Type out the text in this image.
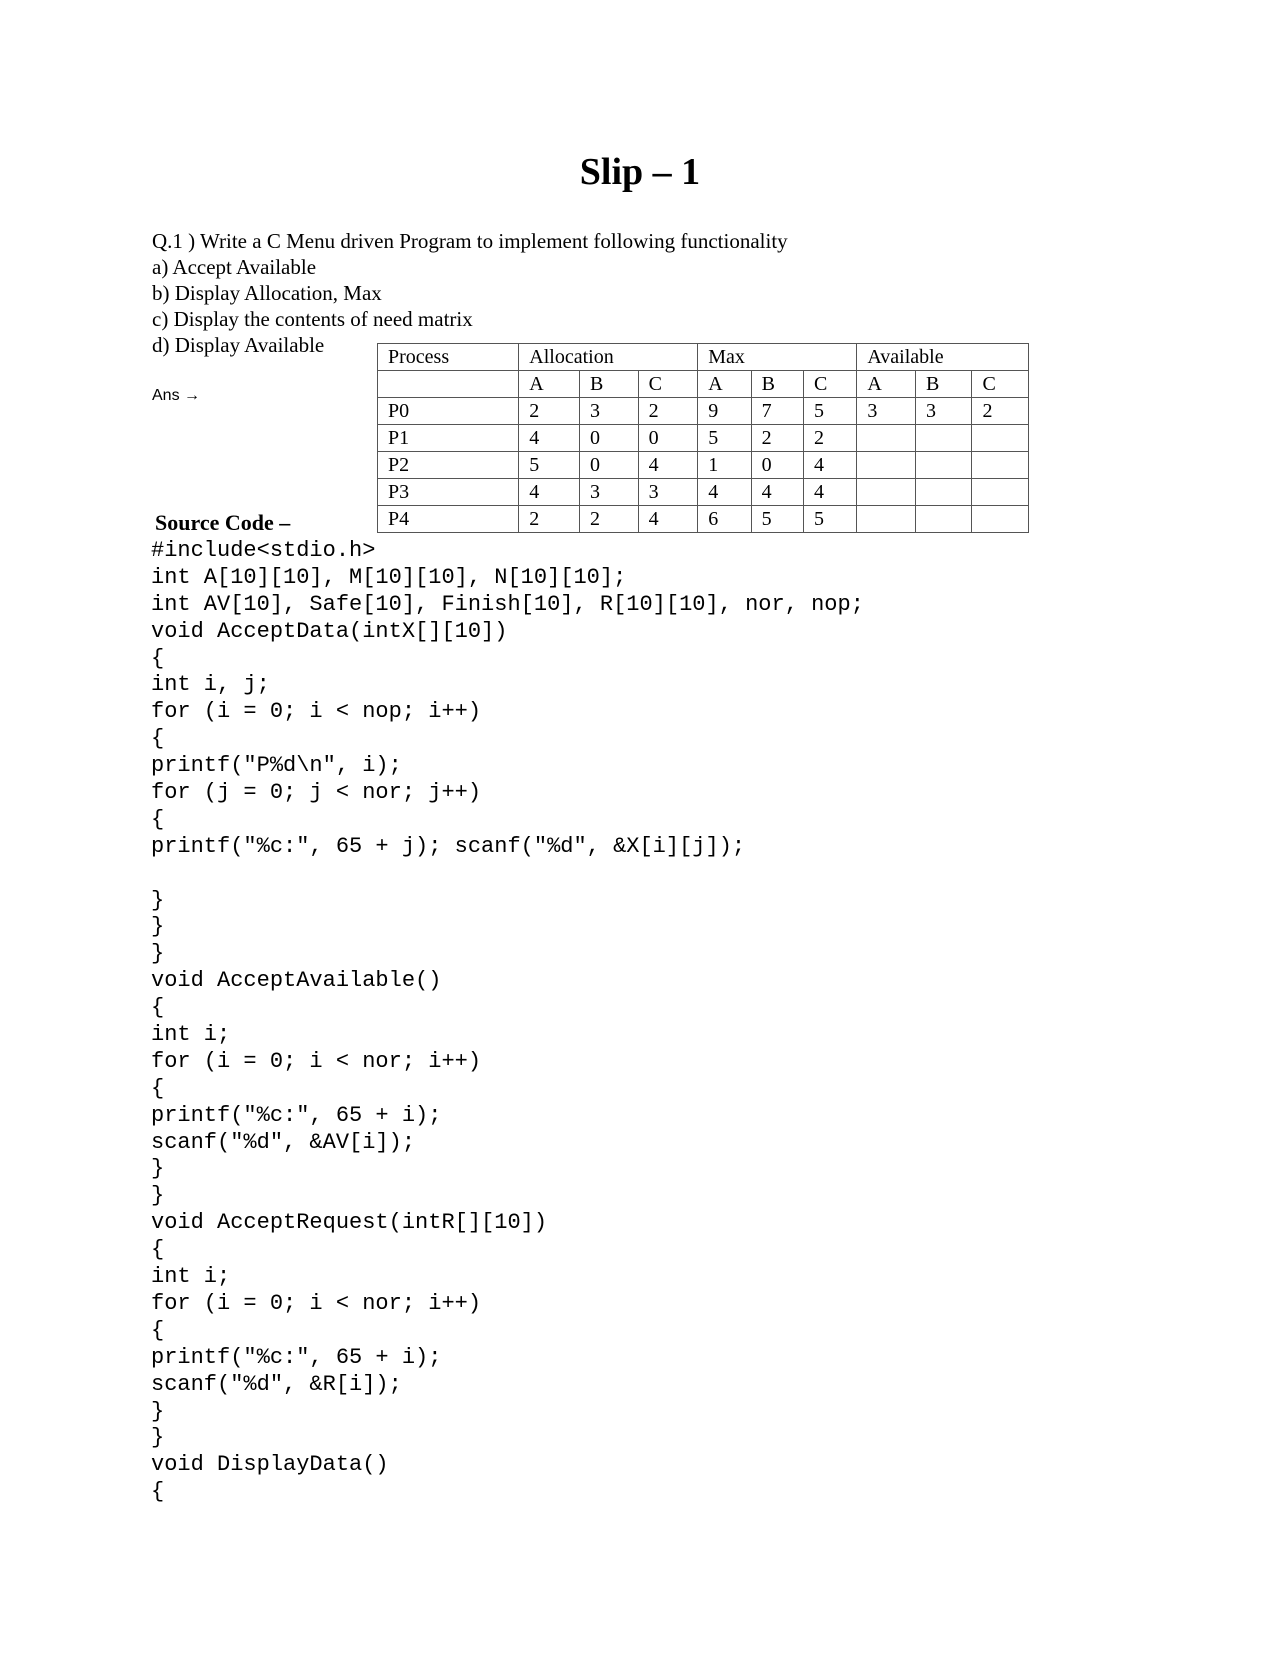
Slip – 1
Q.1 ) Write a C Menu driven Program to implement following functionality
a) Accept Available
b) Display Allocation, Max
c) Display the contents of need matrix
d) Display Available
Ans →
Process	Allocation			Max			Available		
	A	B	C	A	B	C	A	B	C
P0	2	3	2	9	7	5	3	3	2
P1	4	0	0	5	2	2			
P2	5	0	4	1	0	4			
P3	4	3	3	4	4	4			
P4	2	2	4	6	5	5			
Source Code –
#include<stdio.h>
int A[10][10], M[10][10], N[10][10];
int AV[10], Safe[10], Finish[10], R[10][10], nor, nop;
void AcceptData(intX[][10])
{
int i, j;
for (i = 0; i < nop; i++)
{
printf("P%d\n", i);
for (j = 0; j < nor; j++)
{
printf("%c:", 65 + j); scanf("%d", &X[i][j]);
}
}
}
void AcceptAvailable()
{
int i;
for (i = 0; i < nor; i++)
{
printf("%c:", 65 + i);
scanf("%d", &AV[i]);
}
}
void AcceptRequest(intR[][10])
{
int i;
for (i = 0; i < nor; i++)
{
printf("%c:", 65 + i);
scanf("%d", &R[i]);
}
}
void DisplayData()
{
